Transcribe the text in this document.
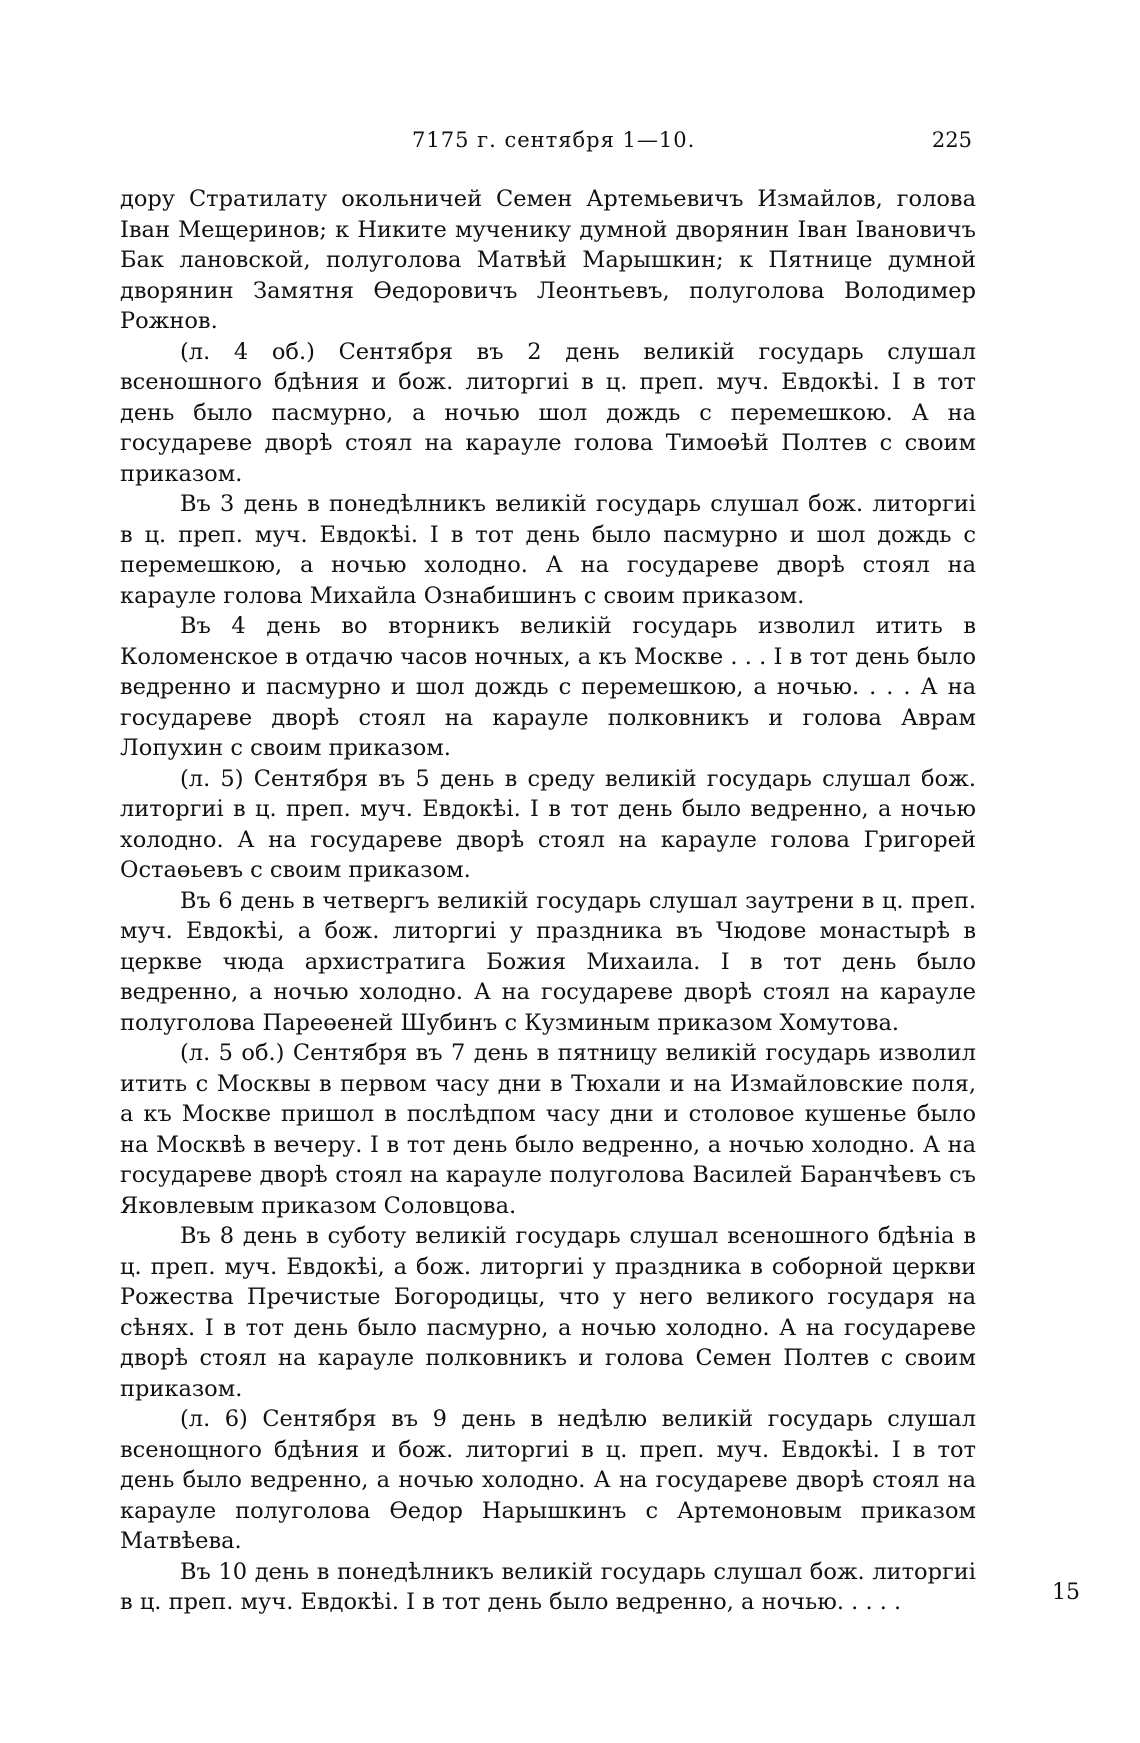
7175 г. сентября 1—10.	225

дору Стратилату окольничей Семен Артемьевичъ Измайлов, голова Іван Мещеринов; к Никите мученику думной дворянин Іван Івановичъ Бак лановской, полуголова Матвѣй Марышкин; к Пятнице думной дворянин Замятня Өедоровичъ Леонтьевъ, полуголова Володимер Рожнов.

(л. 4 об.) Сентября въ 2 день великій государь слушал всеношного бдѣния и бож. литоргиі в ц. преп. муч. Евдокѣі. І в тот день было пасмурно, а ночью шол дождь с перемешкою. А на государеве дворѣ стоял на карауле голова Тимоөѣй Полтев с своим приказом.

Въ 3 день в понедѣлникъ великій государь слушал бож. литоргиі в ц. преп. муч. Евдокѣі. І в тот день было пасмурно и шол дождь с перемешкою, а ночью холодно. А на государеве дворѣ стоял на карауле голова Михайла Ознабишинъ с своим приказом.

Въ 4 день во вторникъ великій государь изволил итить в Коломенское в отдачю часов ночных, а къ Москве . . . І в тот день было ведренно и пасмурно и шол дождь с перемешкою, а ночью. . . . А на государеве дворѣ стоял на карауле полковникъ и голова Аврам Лопухин с своим приказом.

(л. 5) Сентября въ 5 день в среду великій государь слушал бож. литоргиі в ц. преп. муч. Евдокѣі. І в тот день было ведренно, а ночью холодно. А на государеве дворѣ стоял на карауле голова Григорей Остаөьевъ с своим приказом.

Въ 6 день в четвергъ великій государь слушал заутрени в ц. преп. муч. Евдокѣі, а бож. литоргиі у праздника въ Чюдове монастырѣ в церкве чюда архистратига Божия Михаила. І в тот день было ведренно, а ночью холодно. А на государеве дворѣ стоял на карауле полуголова Пареөеней Шубинъ с Кузминым приказом Хомутова.

(л. 5 об.) Сентября въ 7 день в пятницу великій государь изволил итить с Москвы в первом часу дни в Тюхали и на Измайловские поля, а къ Москве пришол в послѣдпом часу дни и столовое кушенье было на Москвѣ в вечеру. І в тот день было ведренно, а ночью холодно. А на государеве дворѣ стоял на карауле полуголова Василей Баранчѣевъ съ Яковлевым приказом Соловцова.

Въ 8 день в суботу великій государь слушал всеношного бдѣніа в ц. преп. муч. Евдокѣі, а бож. литоргиі у праздника в соборной церкви Рожества Пречистые Богородицы, что у него великого государя на сѣнях. І в тот день было пасмурно, а ночью холодно. А на государеве дворѣ стоял на карауле полковникъ и голова Семен Полтев с своим приказом.

(л. 6) Сентября въ 9 день в недѣлю великій государь слушал всенощного бдѣния и бож. литоргиі в ц. преп. муч. Евдокѣі. І в тот день было ведренно, а ночью холодно. А на государеве дворѣ стоял на карауле полуголова Өедор Нарышкинъ с Артемоновым приказом Матвѣева.

Въ 10 день в понедѣлникъ великій государь слушал бож. литоргиі в ц. преп. муч. Евдокѣі. І в тот день было ведренно, а ночью. . . . .	15
